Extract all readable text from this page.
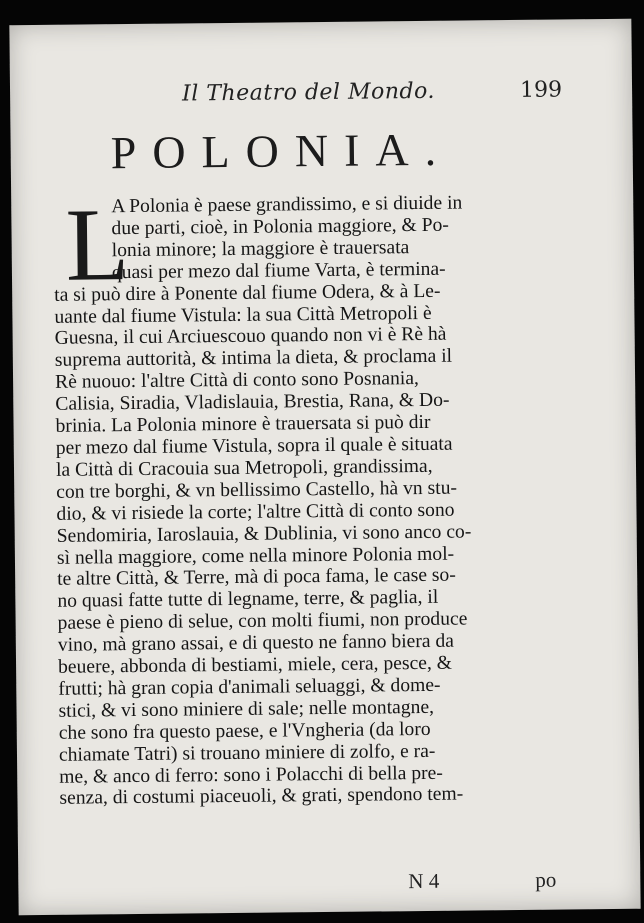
Il Theatro del Mondo.	199
POLONIA.
L
A Polonia è paese grandissimo, e si diuide in
due parti, cioè, in Polonia maggiore, & Po-
lonia minore; la maggiore è trauersata
quasi per mezo dal fiume Varta, è termina-
ta si può dire à Ponente dal fiume Odera, & à Le-
uante dal fiume Vistula: la sua Città Metropoli è
Guesna, il cui Arciuescouo quando non vi è Rè hà
suprema auttorità, & intima la dieta, & proclama il
Rè nuouo: l'altre Città di conto sono Posnania,
Calisia, Siradia, Vladislauia, Brestia, Rana, & Do-
brinia. La Polonia minore è trauersata si può dir
per mezo dal fiume Vistula, sopra il quale è situata
la Città di Cracouia sua Metropoli, grandissima,
con tre borghi, & vn bellissimo Castello, hà vn stu-
dio, & vi risiede la corte; l'altre Città di conto sono
Sendomiria, Iaroslauia, & Dublinia, vi sono anco co-
sì nella maggiore, come nella minore Polonia mol-
te altre Città, & Terre, mà di poca fama, le case so-
no quasi fatte tutte di legname, terre, & paglia, il
paese è pieno di selue, con molti fiumi, non produce
vino, mà grano assai, e di questo ne fanno biera da
beuere, abbonda di bestiami, miele, cera, pesce, &
frutti; hà gran copia d'animali seluaggi, & dome-
stici, & vi sono miniere di sale; nelle montagne,
che sono fra questo paese, e l'Vngheria (da loro
chiamate Tatri) si trouano miniere di zolfo, e ra-
me, & anco di ferro: sono i Polacchi di bella pre-
senza, di costumi piaceuoli, & grati, spendono tem-
N 4	po
